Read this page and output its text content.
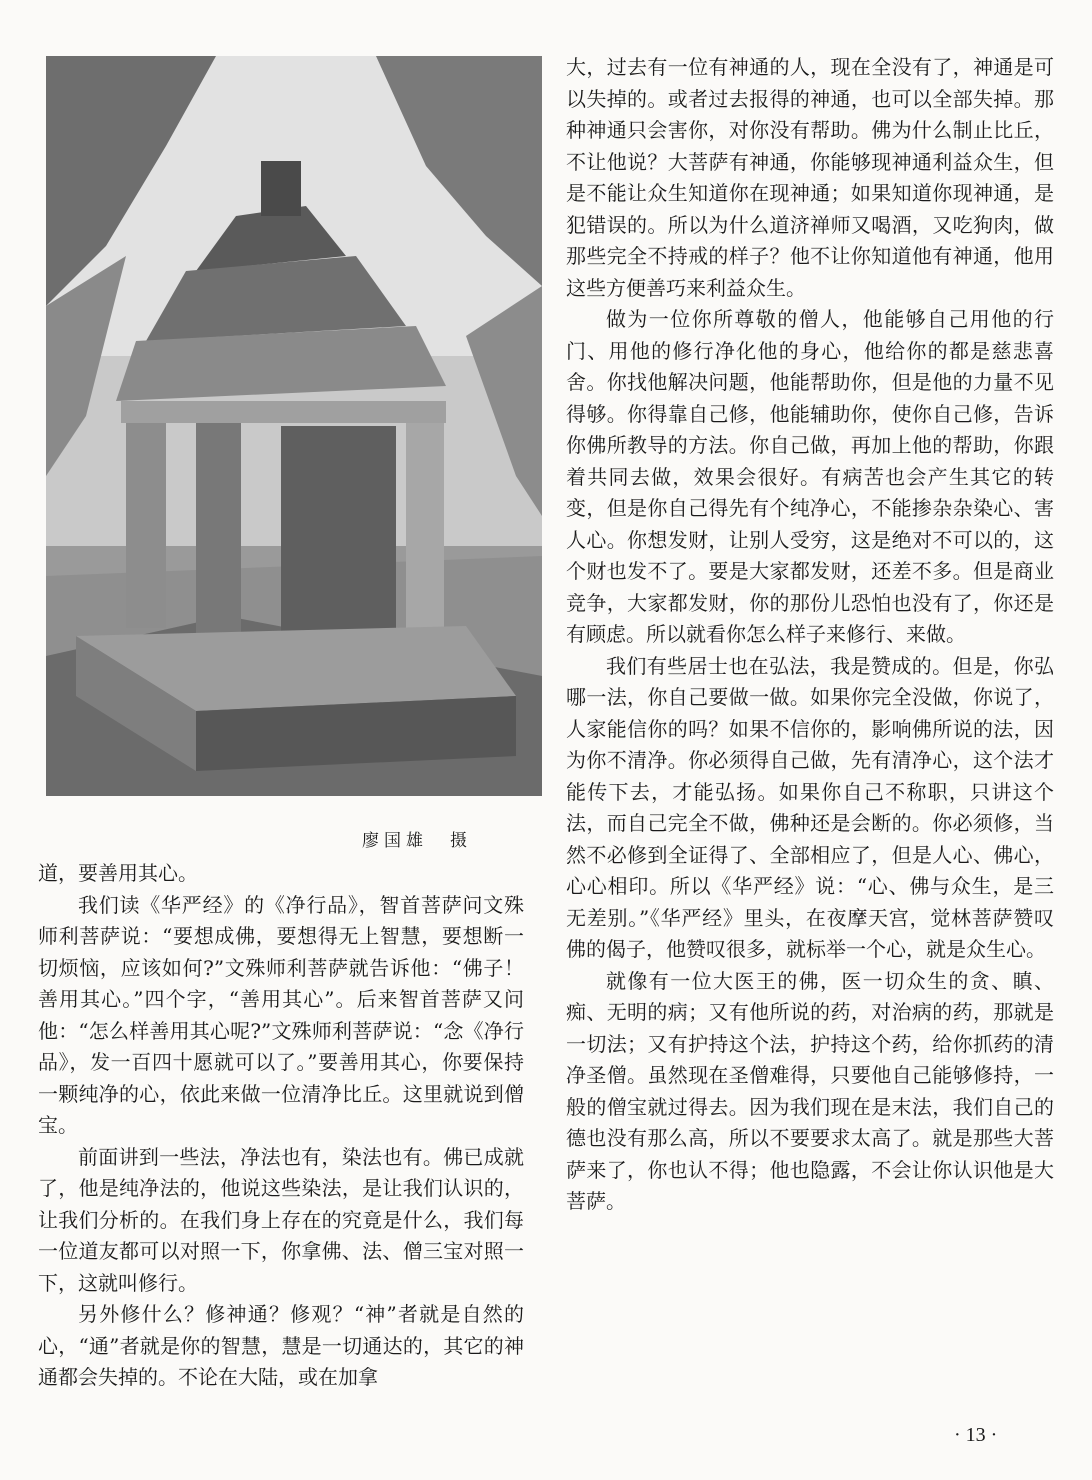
廖国雄　摄

道，要善用其心。

我们读《华严经》的《净行品》，智首菩萨问文殊师利菩萨说：“要想成佛，要想得无上智慧，要想断一切烦恼，应该如何?”文殊师利菩萨就告诉他：“佛子！善用其心。”四个字，“善用其心”。后来智首菩萨又问他：“怎么样善用其心呢?”文殊师利菩萨说：“念《净行品》，发一百四十愿就可以了。”要善用其心，你要保持一颗纯净的心，依此来做一位清净比丘。这里就说到僧宝。

前面讲到一些法，净法也有，染法也有。佛已成就了，他是纯净法的，他说这些染法，是让我们认识的，让我们分析的。在我们身上存在的究竟是什么，我们每一位道友都可以对照一下，你拿佛、法、僧三宝对照一下，这就叫修行。

另外修什么？修神通？修观？“神”者就是自然的心，“通”者就是你的智慧，慧是一切通达的，其它的神通都会失掉的。不论在大陆，或在加拿

大，过去有一位有神通的人，现在全没有了，神通是可以失掉的。或者过去报得的神通，也可以全部失掉。那种神通只会害你，对你没有帮助。佛为什么制止比丘，不让他说？大菩萨有神通，你能够现神通利益众生，但是不能让众生知道你在现神通；如果知道你现神通，是犯错误的。所以为什么道济禅师又喝酒，又吃狗肉，做那些完全不持戒的样子？他不让你知道他有神通，他用这些方便善巧来利益众生。

做为一位你所尊敬的僧人，他能够自己用他的行门、用他的修行净化他的身心，他给你的都是慈悲喜舍。你找他解决问题，他能帮助你，但是他的力量不见得够。你得靠自己修，他能辅助你，使你自己修，告诉你佛所教导的方法。你自己做，再加上他的帮助，你跟着共同去做，效果会很好。有病苦也会产生其它的转变，但是你自己得先有个纯净心，不能掺杂杂染心、害人心。你想发财，让别人受穷，这是绝对不可以的，这个财也发不了。要是大家都发财，还差不多。但是商业竞争，大家都发财，你的那份儿恐怕也没有了，你还是有顾虑。所以就看你怎么样子来修行、来做。

我们有些居士也在弘法，我是赞成的。但是，你弘哪一法，你自己要做一做。如果你完全没做，你说了，人家能信你的吗？如果不信你的，影响佛所说的法，因为你不清净。你必须得自己做，先有清净心，这个法才能传下去，才能弘扬。如果你自己不称职，只讲这个法，而自己完全不做，佛种还是会断的。你必须修，当然不必修到全证得了、全部相应了，但是人心、佛心，心心相印。所以《华严经》说：“心、佛与众生，是三无差别。”《华严经》里头，在夜摩天宫，觉林菩萨赞叹佛的偈子，他赞叹很多，就标举一个心，就是众生心。

就像有一位大医王的佛，医一切众生的贪、瞋、痴、无明的病；又有他所说的药，对治病的药，那就是一切法；又有护持这个法，护持这个药，给你抓药的清净圣僧。虽然现在圣僧难得，只要他自己能够修持，一般的僧宝就过得去。因为我们现在是末法，我们自己的德也没有那么高，所以不要要求太高了。就是那些大菩萨来了，你也认不得；他也隐露，不会让你认识他是大菩萨。

· 13 ·
